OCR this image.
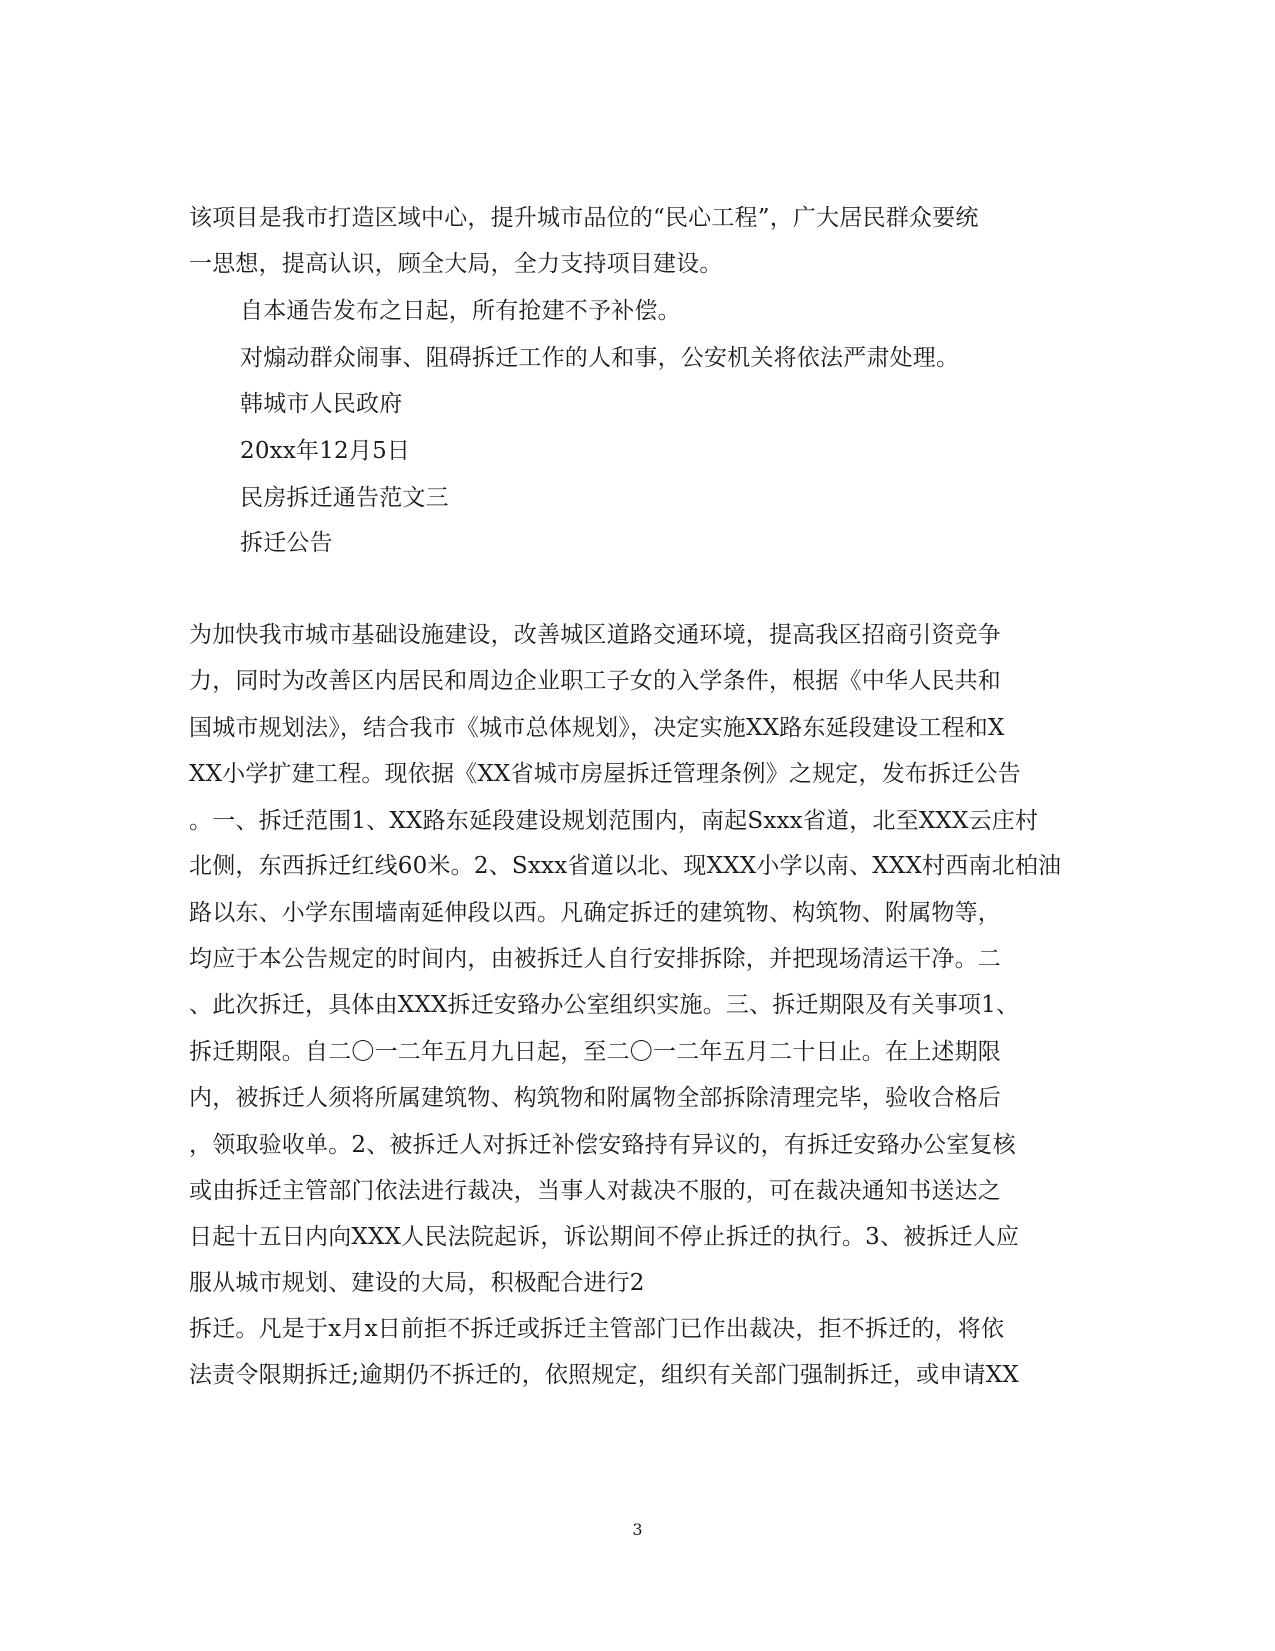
该项目是我市打造区域中心，提升城市品位的“民心工程”，广大居民群众要统
一思想，提高认识，顾全大局，全力支持项目建设。
自本通告发布之日起，所有抢建不予补偿。
对煽动群众闹事、阻碍拆迁工作的人和事，公安机关将依法严肃处理。
韩城市人民政府
20xx年12月5日
民房拆迁通告范文三
拆迁公告
为加快我市城市基础设施建设，改善城区道路交通环境，提高我区招商引资竞争
力，同时为改善区内居民和周边企业职工子女的入学条件，根据《中华人民共和
国城市规划法》，结合我市《城市总体规划》，决定实施XX路东延段建设工程和X
XX小学扩建工程。现依据《XX省城市房屋拆迁管理条例》之规定，发布拆迁公告
。一、拆迁范围1、XX路东延段建设规划范围内，南起Sxxx省道，北至XXX云庄村
北侧，东西拆迁红线60米。2、Sxxx省道以北、现XXX小学以南、XXX村西南北柏油
路以东、小学东围墙南延伸段以西。凡确定拆迁的建筑物、构筑物、附属物等，
均应于本公告规定的时间内，由被拆迁人自行安排拆除，并把现场清运干净。二
、此次拆迁，具体由XXX拆迁安臵办公室组织实施。三、拆迁期限及有关事项1、
拆迁期限。自二〇一二年五月九日起，至二〇一二年五月二十日止。在上述期限
内，被拆迁人须将所属建筑物、构筑物和附属物全部拆除清理完毕，验收合格后
，领取验收单。2、被拆迁人对拆迁补偿安臵持有异议的，有拆迁安臵办公室复核
或由拆迁主管部门依法进行裁决，当事人对裁决不服的，可在裁决通知书送达之
日起十五日内向XXX人民法院起诉，诉讼期间不停止拆迁的执行。3、被拆迁人应
服从城市规划、建设的大局，积极配合进行2
拆迁。凡是于x月x日前拒不拆迁或拆迁主管部门已作出裁决，拒不拆迁的，将依
法责令限期拆迁;逾期仍不拆迁的，依照规定，组织有关部门强制拆迁，或申请XX
3
